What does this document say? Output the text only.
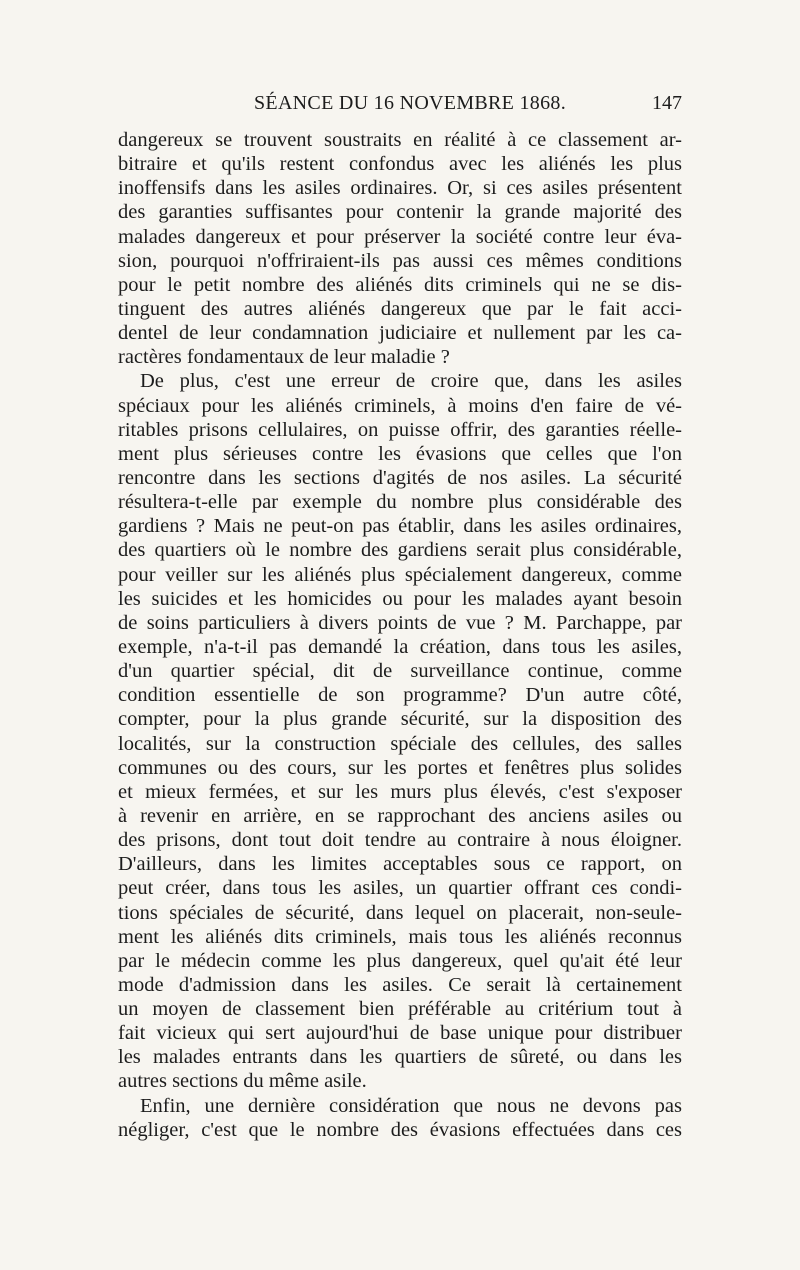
SÉANCE DU 16 NOVEMBRE 1868.	147
dangereux se trouvent soustraits en réalité à ce classement ar-
bitraire et qu'ils restent confondus avec les aliénés les plus
inoffensifs dans les asiles ordinaires. Or, si ces asiles présentent
des garanties suffisantes pour contenir la grande majorité des
malades dangereux et pour préserver la société contre leur éva-
sion, pourquoi n'offriraient-ils pas aussi ces mêmes conditions
pour le petit nombre des aliénés dits criminels qui ne se dis-
tinguent des autres aliénés dangereux que par le fait acci-
dentel de leur condamnation judiciaire et nullement par les ca-
ractères fondamentaux de leur maladie ?
De plus, c'est une erreur de croire que, dans les asiles
spéciaux pour les aliénés criminels, à moins d'en faire de vé-
ritables prisons cellulaires, on puisse offrir, des garanties réelle-
ment plus sérieuses contre les évasions que celles que l'on
rencontre dans les sections d'agités de nos asiles. La sécurité
résultera-t-elle par exemple du nombre plus considérable des
gardiens ? Mais ne peut-on pas établir, dans les asiles ordinaires,
des quartiers où le nombre des gardiens serait plus considérable,
pour veiller sur les aliénés plus spécialement dangereux, comme
les suicides et les homicides ou pour les malades ayant besoin
de soins particuliers à divers points de vue ? M. Parchappe, par
exemple, n'a-t-il pas demandé la création, dans tous les asiles,
d'un quartier spécial, dit de surveillance continue, comme
condition essentielle de son programme? D'un autre côté,
compter, pour la plus grande sécurité, sur la disposition des
localités, sur la construction spéciale des cellules, des salles
communes ou des cours, sur les portes et fenêtres plus solides
et mieux fermées, et sur les murs plus élevés, c'est s'exposer
à revenir en arrière, en se rapprochant des anciens asiles ou
des prisons, dont tout doit tendre au contraire à nous éloigner.
D'ailleurs, dans les limites acceptables sous ce rapport, on
peut créer, dans tous les asiles, un quartier offrant ces condi-
tions spéciales de sécurité, dans lequel on placerait, non-seule-
ment les aliénés dits criminels, mais tous les aliénés reconnus
par le médecin comme les plus dangereux, quel qu'ait été leur
mode d'admission dans les asiles. Ce serait là certainement
un moyen de classement bien préférable au critérium tout à
fait vicieux qui sert aujourd'hui de base unique pour distribuer
les malades entrants dans les quartiers de sûreté, ou dans les
autres sections du même asile.
Enfin, une dernière considération que nous ne devons pas
négliger, c'est que le nombre des évasions effectuées dans ces
